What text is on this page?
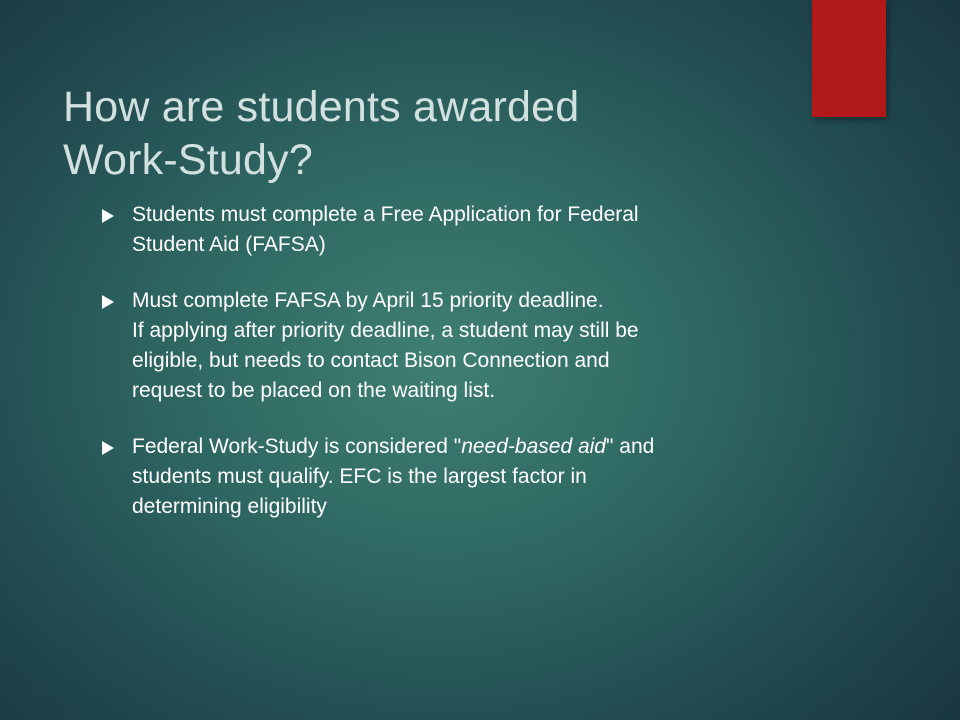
How are students awarded
Work-Study?
Students must complete a Free Application for Federal
Student Aid (FAFSA)
Must complete FAFSA by April 15 priority deadline.
If applying after priority deadline, a student may still be
eligible, but needs to contact Bison Connection and
request to be placed on the waiting list.
Federal Work-Study is considered "need-based aid" and
students must qualify. EFC is the largest factor in
determining eligibility
